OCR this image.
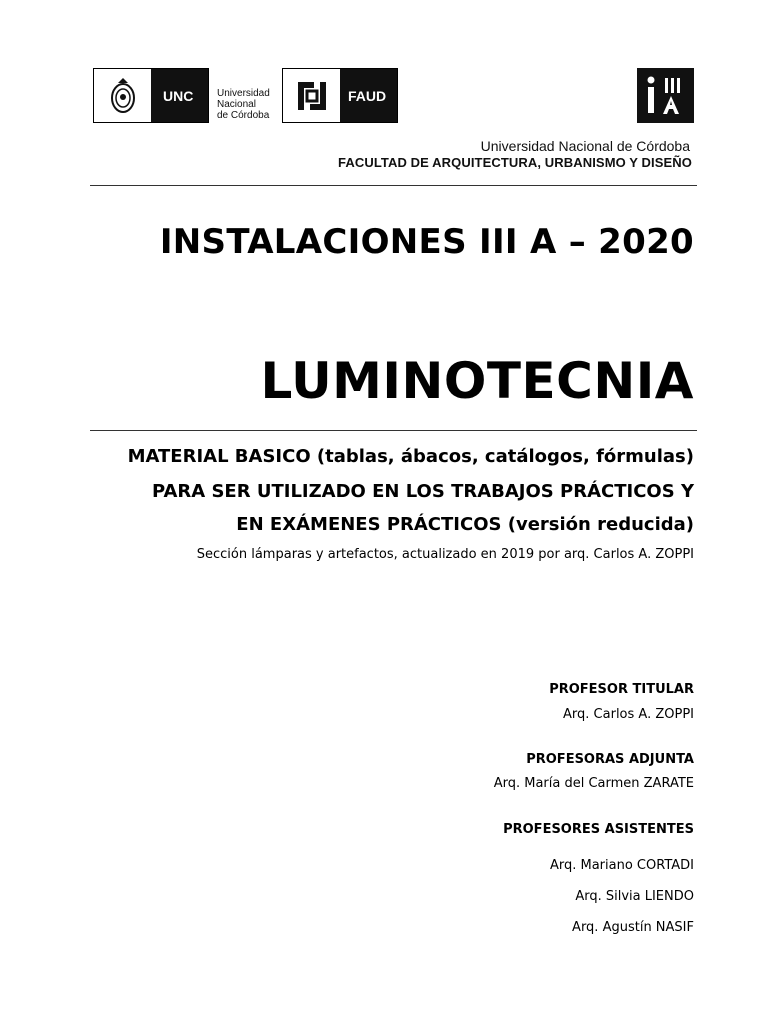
UNC	Universidad
Nacional
de Córdoba
FAUD
Universidad Nacional de Córdoba
FACULTAD DE ARQUITECTURA, URBANISMO Y DISEÑO
INSTALACIONES III A – 2020
LUMINOTECNIA
MATERIAL BASICO (tablas, ábacos, catálogos, fórmulas)
PARA SER UTILIZADO EN LOS TRABAJOS PRÁCTICOS Y
EN EXÁMENES PRÁCTICOS (versión reducida)
Sección lámparas y artefactos, actualizado en 2019 por arq. Carlos A. ZOPPI
PROFESOR TITULAR
Arq. Carlos A. ZOPPI
PROFESORAS ADJUNTA
Arq. María del Carmen ZARATE
PROFESORES ASISTENTES
Arq. Mariano CORTADI
Arq. Silvia LIENDO
Arq. Agustín NASIF
